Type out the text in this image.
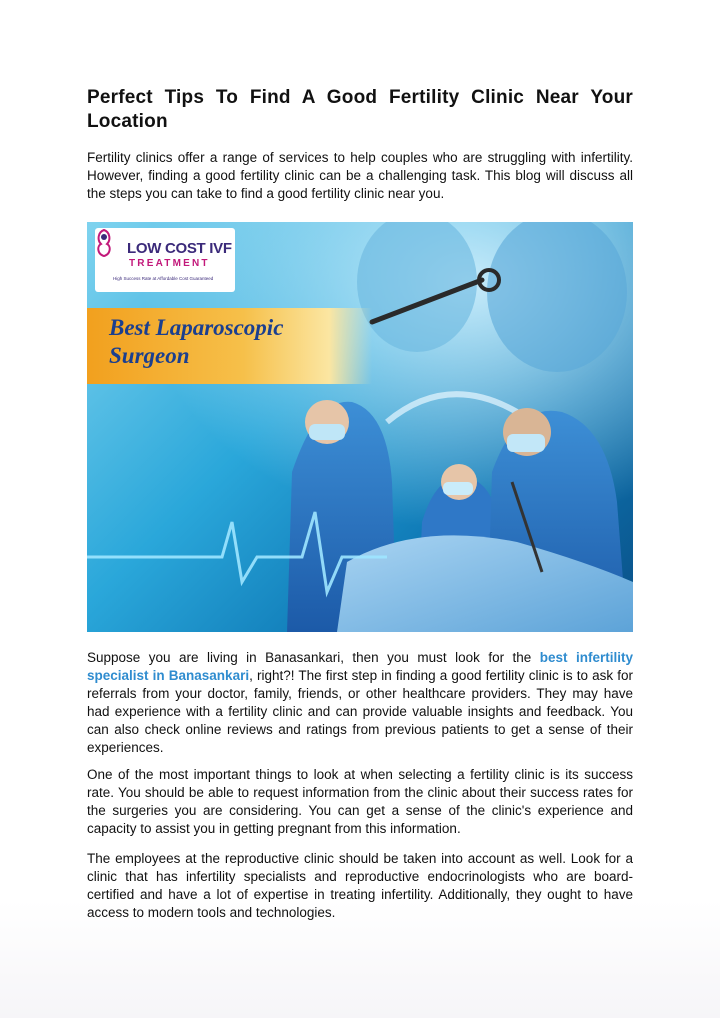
Perfect Tips To Find A Good Fertility Clinic Near Your Location

Fertility clinics offer a range of services to help couples who are struggling with infertility. However, finding a good fertility clinic can be a challenging task. This blog will discuss all the steps you can take to find a good fertility clinic near you.

Suppose you are living in Banasankari, then you must look for the best infertility specialist in Banasankari, right?! The first step in finding a good fertility clinic is to ask for referrals from your doctor, family, friends, or other healthcare providers. They may have had experience with a fertility clinic and can provide valuable insights and feedback. You can also check online reviews and ratings from previous patients to get a sense of their experiences.

One of the most important things to look at when selecting a fertility clinic is its success rate. You should be able to request information from the clinic about their success rates for the surgeries you are considering. You can get a sense of the clinic's experience and capacity to assist you in getting pregnant from this information.

The employees at the reproductive clinic should be taken into account as well. Look for a clinic that has infertility specialists and reproductive endocrinologists who are board-certified and have a lot of expertise in treating infertility. Additionally, they ought to have access to modern tools and technologies.

LOW COST IVF
TREATMENT
High Success Rate at Affordable Cost Guaranteed
Best Laparoscopic
Surgeon
